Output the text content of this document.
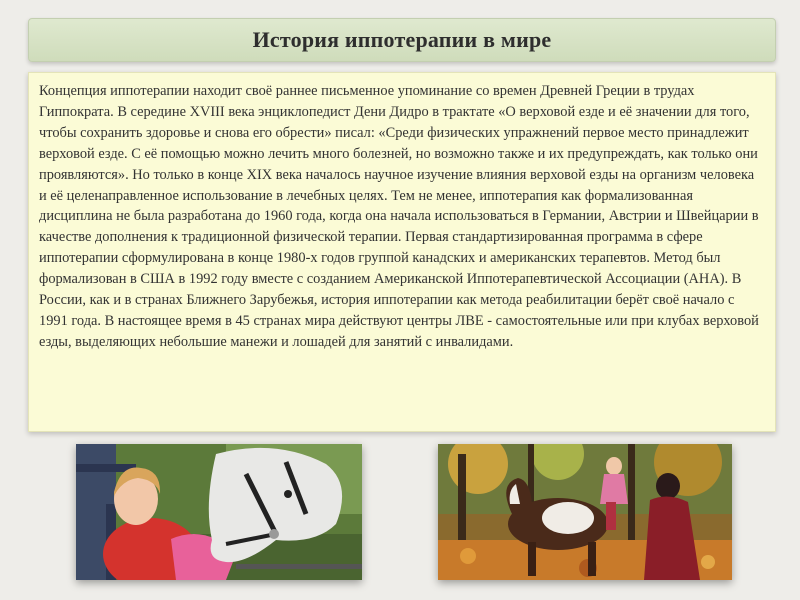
История иппотерапии в мире

Концепция иппотерапии находит своё раннее письменное упоминание со времен Древней Греции в трудах Гиппократа. В середине XVIII века энциклопедист Дени Дидро в трактате «О верховой езде и её значении для того, чтобы сохранить здоровье и снова его обрести» писал: «Среди физических упражнений первое место принадлежит верховой езде. С её помощью можно лечить много болезней, но возможно также и их предупреждать, как только они проявляются». Но только в конце XIX века началось научное изучение влияния верховой езды на организм человека и её целенаправленное использование в лечебных целях. Тем не менее, иппотерапия как формализованная дисциплина не была разработана до 1960 года, когда она начала использоваться в Германии, Австрии и Швейцарии в качестве дополнения к традиционной физической терапии. Первая стандартизированная программа в сфере иппотерапии сформулирована в конце 1980-х годов группой канадских и американских терапевтов. Метод был формализован в США в 1992 году вместе с созданием Американской Иппотерапевтической Ассоциации (AHA). В России, как и в странах Ближнего Зарубежья, история иппотерапии как метода реабилитации берёт своё начало с 1991 года. В настоящее время в 45 странах мира действуют центры ЛВЕ - самостоятельные или при клубах верховой езды, выделяющих небольшие манежи и лошадей для занятий с инвалидами.
